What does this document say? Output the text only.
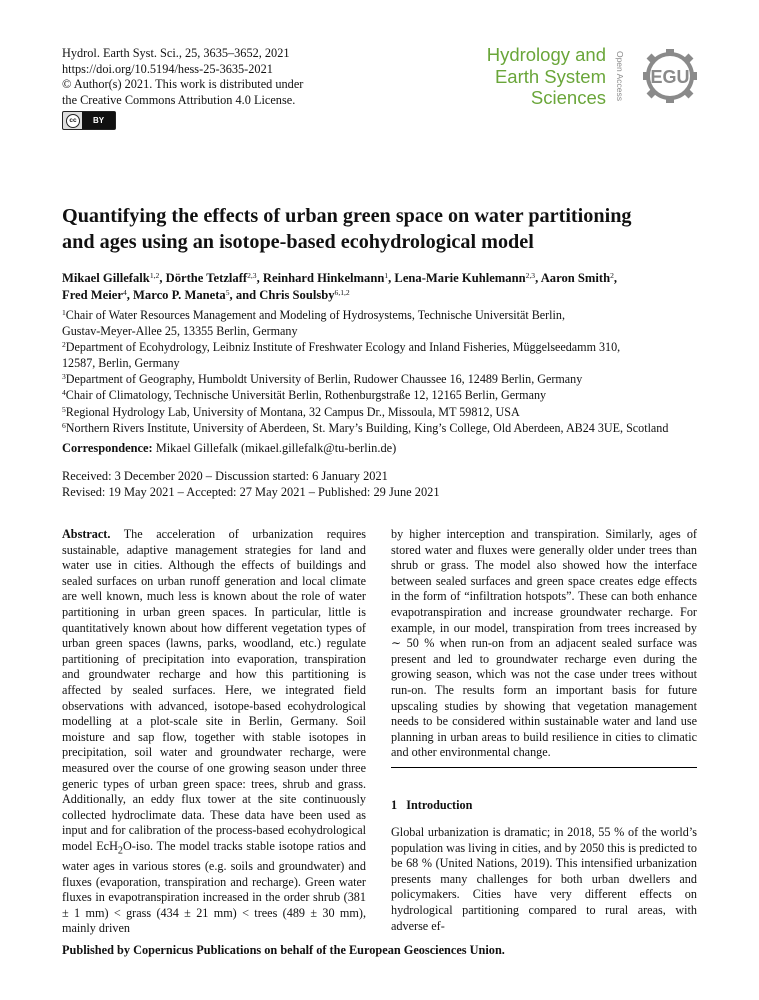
Hydrol. Earth Syst. Sci., 25, 3635–3652, 2021
https://doi.org/10.5194/hess-25-3635-2021
© Author(s) 2021. This work is distributed under
the Creative Commons Attribution 4.0 License.
cc	BY
Hydrology and
Earth System
Sciences Open Access EGU
Quantifying the effects of urban green space on water partitioning
and ages using an isotope-based ecohydrological model
Mikael Gillefalk$^{1,2}$, Dörthe Tetzlaff$^{2,3}$, Reinhard Hinkelmann$^1$, Lena-Marie Kuhlemann$^{2,3}$, Aaron Smith$^2$,
Fred Meier$^4$, Marco P. Maneta$^5$, and Chris Soulsby$^{6,1,2}$
$^1$Chair of Water Resources Management and Modeling of Hydrosystems, Technische Universität Berlin,
Gustav-Meyer-Allee 25, 13355 Berlin, Germany
$^2$Department of Ecohydrology, Leibniz Institute of Freshwater Ecology and Inland Fisheries, Müggelseedamm 310,
12587, Berlin, Germany
$^3$Department of Geography, Humboldt University of Berlin, Rudower Chaussee 16, 12489 Berlin, Germany
$^4$Chair of Climatology, Technische Universität Berlin, Rothenburgstraße 12, 12165 Berlin, Germany
$^5$Regional Hydrology Lab, University of Montana, 32 Campus Dr., Missoula, MT 59812, USA
$^6$Northern Rivers Institute, University of Aberdeen, St. Mary’s Building, King’s College, Old Aberdeen, AB24 3UE, Scotland
Correspondence: Mikael Gillefalk (mikael.gillefalk@tu-berlin.de)
Received: 3 December 2020 – Discussion started: 6 January 2021
Revised: 19 May 2021 – Accepted: 27 May 2021 – Published: 29 June 2021

Abstract. The acceleration of urbanization requires sustainable, adaptive management strategies for land and water use in cities. Although the effects of buildings and sealed surfaces on urban runoff generation and local climate are well known, much less is known about the role of water partitioning in urban green spaces. In particular, little is quantitatively known about how different vegetation types of urban green spaces (lawns, parks, woodland, etc.) regulate partitioning of precipitation into evaporation, transpiration and groundwater recharge and how this partitioning is affected by sealed surfaces. Here, we integrated field observations with advanced, isotope-based ecohydrological modelling at a plot-scale site in Berlin, Germany. Soil moisture and sap flow, together with stable isotopes in precipitation, soil water and groundwater recharge, were measured over the course of one growing season under three generic types of urban green space: trees, shrub and grass. Additionally, an eddy flux tower at the site continuously collected hydroclimate data. These data have been used as input and for calibration of the process-based ecohydrological model EcH$_2$O-iso. The model tracks stable isotope ratios and water ages in various stores (e.g. soils and groundwater) and fluxes (evaporation, transpiration and recharge). Green water fluxes in evapotranspiration increased in the order shrub (381 ± 1 mm) < grass (434 ± 21 mm) < trees (489 ± 30 mm), mainly driven

by higher interception and transpiration. Similarly, ages of stored water and fluxes were generally older under trees than shrub or grass. The model also showed how the interface between sealed surfaces and green space creates edge effects in the form of “infiltration hotspots”. These can both enhance evapotranspiration and increase groundwater recharge. For example, in our model, transpiration from trees increased by ∼ 50 % when run-on from an adjacent sealed surface was present and led to groundwater recharge even during the growing season, which was not the case under trees without run-on. The results form an important basis for future upscaling studies by showing that vegetation management needs to be considered within sustainable water and land use planning in urban areas to build resilience in cities to climatic and other environmental change.

1 Introduction

Global urbanization is dramatic; in 2018, 55 % of the world’s population was living in cities, and by 2050 this is predicted to be 68 % (United Nations, 2019). This intensified urbanization presents many challenges for both urban dwellers and policymakers. Cities have very different effects on hydrological partitioning compared to rural areas, with adverse ef-

Published by Copernicus Publications on behalf of the European Geosciences Union.
